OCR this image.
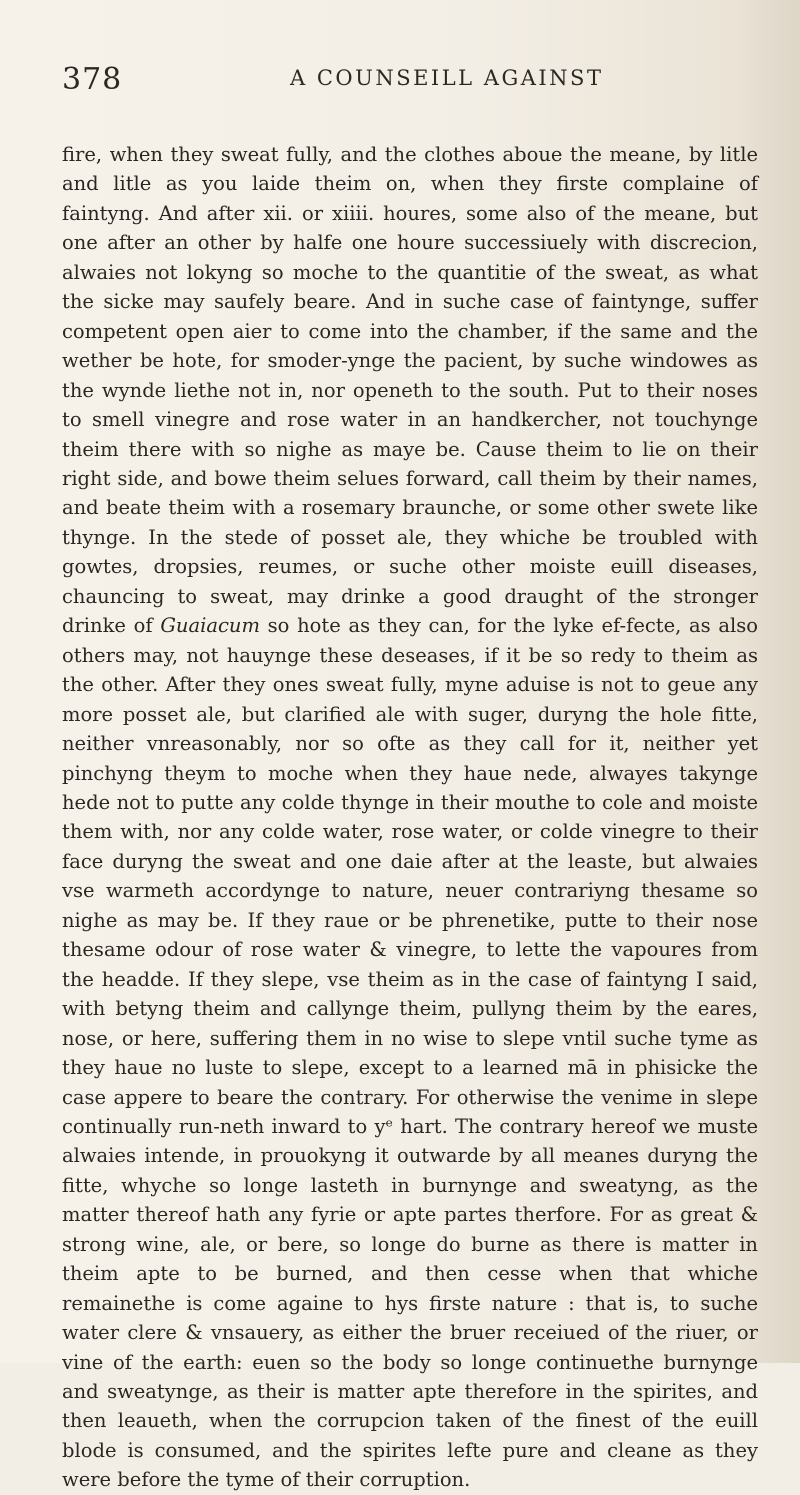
378	A COUNSEILL AGAINST

fire, when they sweat fully, and the clothes aboue the meane, by litle and litle as you laide theim on, when they firste complaine of faintyng. And after xii. or xiiii. houres, some also of the meane, but one after an other by halfe one houre successiuely with discrecion, alwaies not lokyng so moche to the quantitie of the sweat, as what the sicke may saufely beare. And in suche case of faintynge, suffer competent open aier to come into the chamber, if the same and the wether be hote, for smoder-ynge the pacient, by suche windowes as the wynde liethe not in, nor openeth to the south. Put to their noses to smell vinegre and rose water in an handkercher, not touchynge theim there with so nighe as maye be. Cause theim to lie on their right side, and bowe theim selues forward, call theim by their names, and beate theim with a rosemary braunche, or some other swete like thynge. In the stede of posset ale, they whiche be troubled with gowtes, dropsies, reumes, or suche other moiste euill diseases, chauncing to sweat, may drinke a good draught of the stronger drinke of Guaiacum so hote as they can, for the lyke ef-fecte, as also others may, not hauynge these deseases, if it be so redy to theim as the other. After they ones sweat fully, myne aduise is not to geue any more posset ale, but clarified ale with suger, duryng the hole fitte, neither vnreasonably, nor so ofte as they call for it, neither yet pinchyng theym to moche when they haue nede, alwayes takynge hede not to putte any colde thynge in their mouthe to cole and moiste them with, nor any colde water, rose water, or colde vinegre to their face duryng the sweat and one daie after at the leaste, but alwaies vse warmeth accordynge to nature, neuer contrariyng thesame so nighe as may be. If they raue or be phrenetike, putte to their nose thesame odour of rose water & vinegre, to lette the vapoures from the headde. If they slepe, vse theim as in the case of faintyng I said, with betyng theim and callynge theim, pullyng theim by the eares, nose, or here, suffering them in no wise to slepe vntil suche tyme as they haue no luste to slepe, except to a learned mā in phisicke the case appere to beare the contrary. For otherwise the venime in slepe continually run-neth inward to yᵉ hart. The contrary hereof we muste alwaies intende, in prouokyng it outwarde by all meanes duryng the fitte, whyche so longe lasteth in burnynge and sweatyng, as the matter thereof hath any fyrie or apte partes therfore. For as great & strong wine, ale, or bere, so longe do burne as there is matter in theim apte to be burned, and then cesse when that whiche remainethe is come againe to hys firste nature : that is, to suche water clere & vnsauery, as either the bruer receiued of the riuer, or vine of the earth: euen so the body so longe continuethe burnynge and sweatynge, as their is matter apte therefore in the spirites, and then leaueth, when the corrupcion taken of the finest of the euill blode is consumed, and the spirites lefte pure and cleane as they were before the tyme of their corruption.
